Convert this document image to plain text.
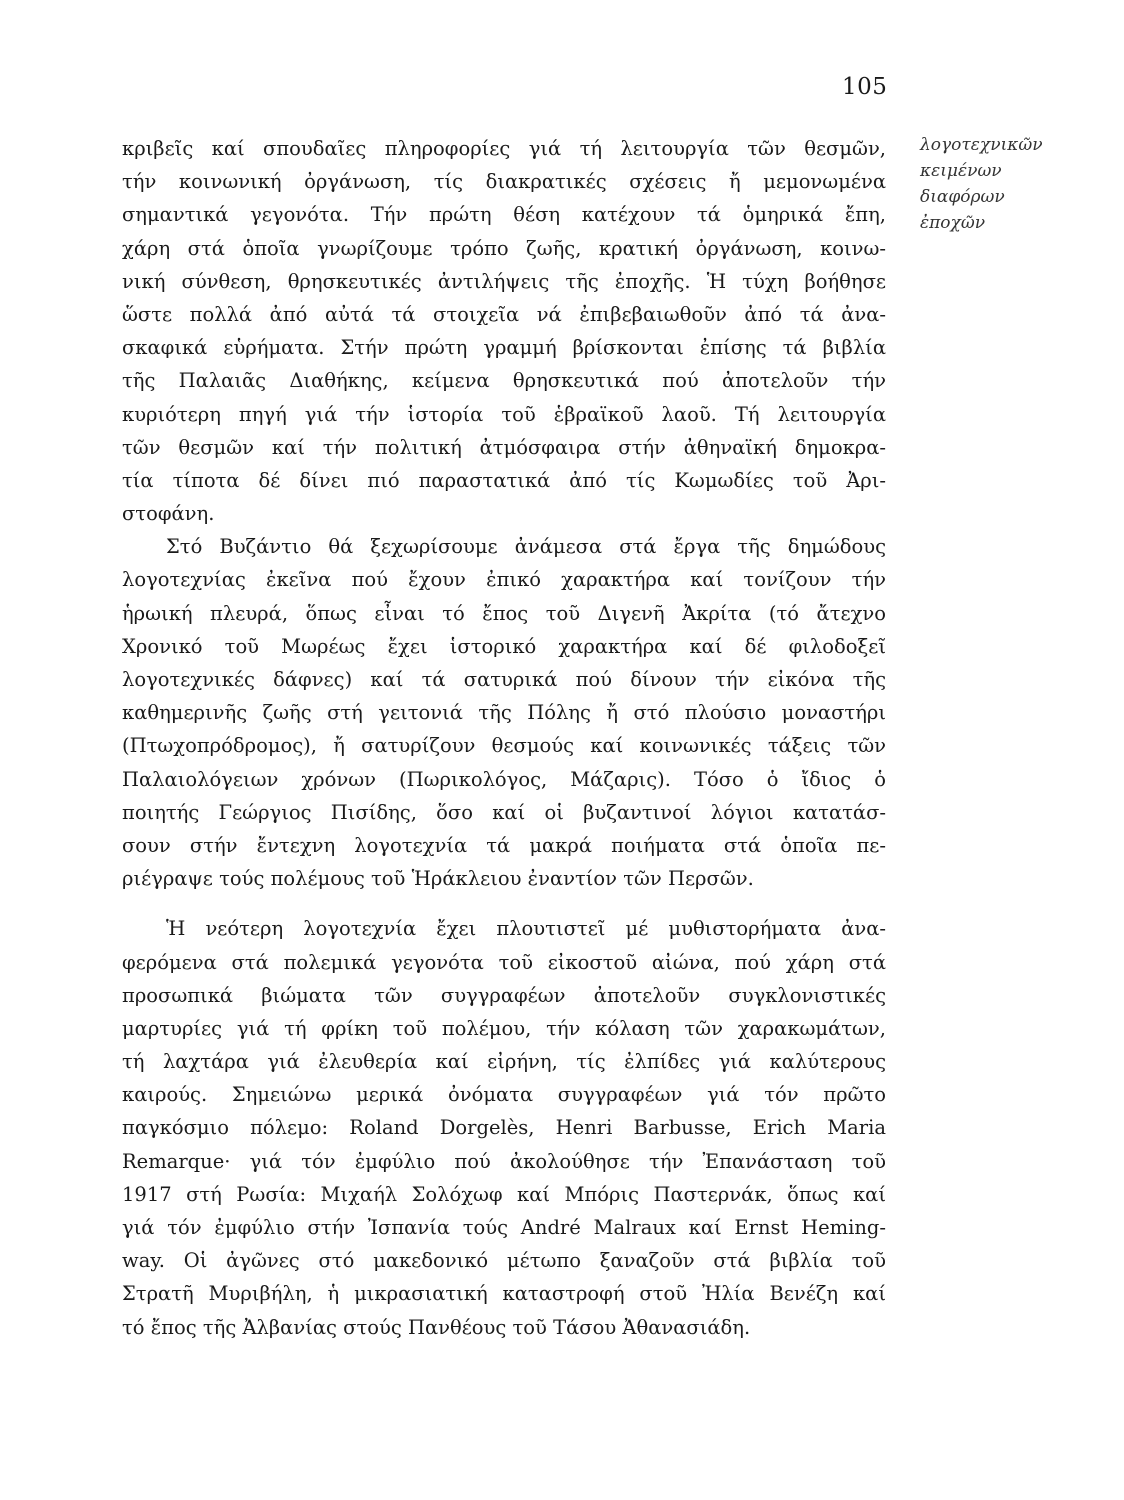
105
λογοτεχνικῶν
κειμένων
διαφόρων
ἐποχῶν
κριβεῖς καί σπουδαῖες πληροφορίες γιά τή λειτουργία τῶν θεσμῶν,
τήν κοινωνική ὀργάνωση, τίς διακρατικές σχέσεις ἤ μεμονωμένα
σημαντικά γεγονότα. Τήν πρώτη θέση κατέχουν τά ὁμηρικά ἔπη,
χάρη στά ὁποῖα γνωρίζουμε τρόπο ζωῆς, κρατική ὀργάνωση, κοινω-
νική σύνθεση, θρησκευτικές ἀντιλήψεις τῆς ἐποχῆς. Ἡ τύχη βοήθησε
ὥστε πολλά ἀπό αὐτά τά στοιχεῖα νά ἐπιβεβαιωθοῦν ἀπό τά ἀνα-
σκαφικά εὑρήματα. Στήν πρώτη γραμμή βρίσκονται ἐπίσης τά βιβλία
τῆς Παλαιᾶς Διαθήκης, κείμενα θρησκευτικά πού ἀποτελοῦν τήν
κυριότερη πηγή γιά τήν ἱστορία τοῦ ἑβραϊκοῦ λαοῦ. Τή λειτουργία
τῶν θεσμῶν καί τήν πολιτική ἀτμόσφαιρα στήν ἀθηναϊκή δημοκρα-
τία τίποτα δέ δίνει πιό παραστατικά ἀπό τίς Κωμωδίες τοῦ Ἀρι-
στοφάνη.
Στό Βυζάντιο θά ξεχωρίσουμε ἀνάμεσα στά ἔργα τῆς δημώδους
λογοτεχνίας ἐκεῖνα πού ἔχουν ἐπικό χαρακτήρα καί τονίζουν τήν
ἡρωική πλευρά, ὅπως εἶναι τό ἔπος τοῦ Διγενῆ Ἀκρίτα (τό ἄτεχνο
Χρονικό τοῦ Μωρέως ἔχει ἱστορικό χαρακτήρα καί δέ φιλοδοξεῖ
λογοτεχνικές δάφνες) καί τά σατυρικά πού δίνουν τήν εἰκόνα τῆς
καθημερινῆς ζωῆς στή γειτονιά τῆς Πόλης ἤ στό πλούσιο μοναστήρι
(Πτωχοπρόδρομος), ἤ σατυρίζουν θεσμούς καί κοινωνικές τάξεις τῶν
Παλαιολόγειων χρόνων (Πωρικολόγος, Μάζαρις). Τόσο ὁ ἴδιος ὁ
ποιητής Γεώργιος Πισίδης, ὅσο καί οἱ βυζαντινοί λόγιοι κατατάσ-
σουν στήν ἔντεχνη λογοτεχνία τά μακρά ποιήματα στά ὁποῖα πε-
ριέγραψε τούς πολέμους τοῦ Ἡράκλειου ἐναντίον τῶν Περσῶν.
Ἡ νεότερη λογοτεχνία ἔχει πλουτιστεῖ μέ μυθιστορήματα ἀνα-
φερόμενα στά πολεμικά γεγονότα τοῦ εἰκοστοῦ αἰώνα, πού χάρη στά
προσωπικά βιώματα τῶν συγγραφέων ἀποτελοῦν συγκλονιστικές
μαρτυρίες γιά τή φρίκη τοῦ πολέμου, τήν κόλαση τῶν χαρακωμάτων,
τή λαχτάρα γιά ἐλευθερία καί εἰρήνη, τίς ἐλπίδες γιά καλύτερους
καιρούς. Σημειώνω μερικά ὀνόματα συγγραφέων γιά τόν πρῶτο
παγκόσμιο πόλεμο: Roland Dorgelès, Henri Barbusse, Erich Maria
Remarque· γιά τόν ἐμφύλιο πού ἀκολούθησε τήν Ἐπανάσταση τοῦ
1917 στή Ρωσία: Μιχαήλ Σολόχωφ καί Μπόρις Παστερνάκ, ὅπως καί
γιά τόν ἐμφύλιο στήν Ἰσπανία τούς André Malraux καί Ernst Heming-
way. Οἱ ἀγῶνες στό μακεδονικό μέτωπο ξαναζοῦν στά βιβλία τοῦ
Στρατῆ Μυριβήλη, ἡ μικρασιατική καταστροφή στοῦ Ἠλία Βενέζη καί
τό ἔπος τῆς Ἀλβανίας στούς Πανθέους τοῦ Τάσου Ἀθανασιάδη.
